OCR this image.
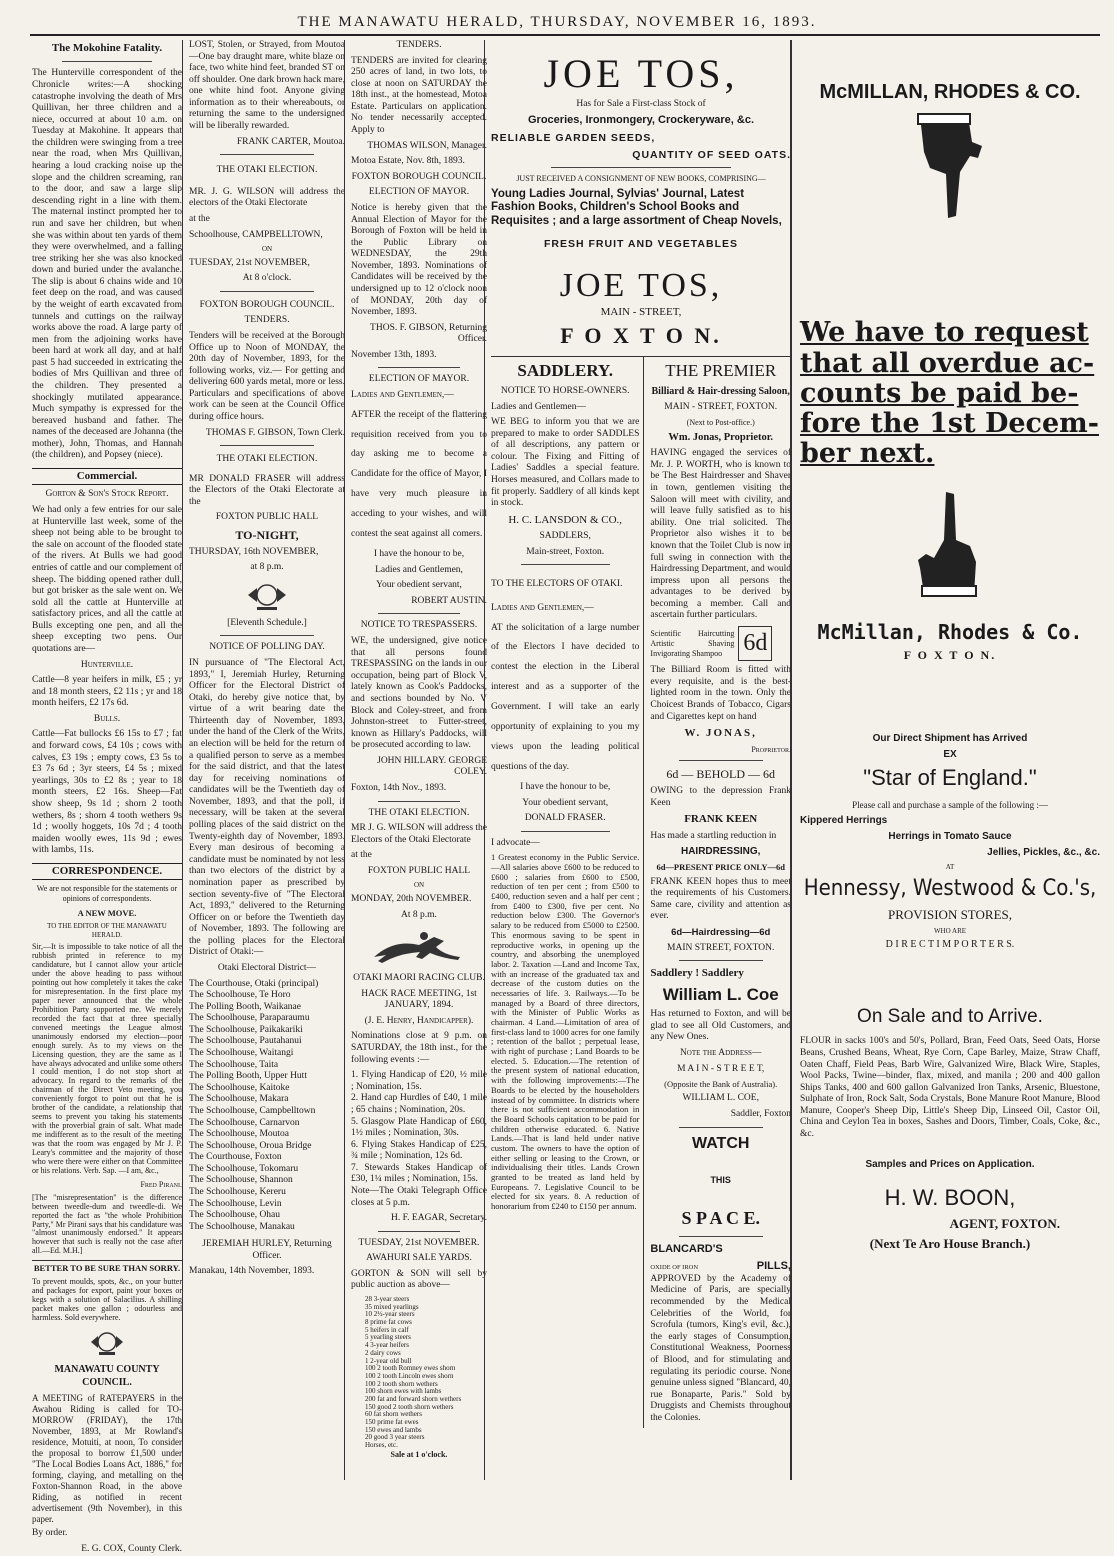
THE MANAWATU HERALD, THURSDAY, NOVEMBER 16, 1893.
The Mokohine Fatality.

The Hunterville correspondent of the Chronicle writes:—A shocking catastrophe involving the death of Mrs Quillivan, her three children and a niece, occurred at about 10 a.m. on Tuesday at Makohine. It appears that the children were swinging from a tree near the road, when Mrs Quillivan, hearing a loud cracking noise up the slope and the children screaming, ran to the door, and saw a large slip descending right in a line with them. The maternal instinct prompted her to run and save her children, but when she was within about ten yards of them they were overwhelmed, and a falling tree striking her she was also knocked down and buried under the avalanche. The slip is about 6 chains wide and 10 feet deep on the road, and was caused by the weight of earth excavated from tunnels and cuttings on the railway works above the road. A large party of men from the adjoining works have been hard at work all day, and at half past 5 had succeeded in extricating the bodies of Mrs Quillivan and three of the children. They presented a shockingly mutilated appearance. Much sympathy is expressed for the bereaved husband and father. The names of the deceased are Johanna (the mother), John, Thomas, and Hannah (the children), and Popsey (niece).

Commercial.

Gorton & Son's Stock Report.

We had only a few entries for our sale at Hunterville last week, some of the sheep not being able to be brought to the sale on account of the flooded state of the rivers. At Bulls we had good entries of cattle and our complement of sheep. The bidding opened rather dull, but got brisker as the sale went on. We sold all the cattle at Hunterville at satisfactory prices, and all the cattle at Bulls excepting one pen, and all the sheep excepting two pens. Our quotations are—

Hunterville.

Cattle—8 year heifers in milk, £5 ; yr and 18 month steers, £2 11s ; yr and 18 month heifers, £2 17s 6d.

Bulls.

Cattle—Fat bullocks £6 15s to £7 ; fat and forward cows, £4 10s ; cows with calves, £3 19s ; empty cows, £3 5s to £3 7s 6d ; 3yr steers, £4 5s ; mixed yearlings, 30s to £2 8s ; year to 18 month steers, £2 16s. Sheep—Fat show sheep, 9s 1d ; shorn 2 tooth wethers, 8s ; shorn 4 tooth wethers 9s 1d ; woolly hoggets, 10s 7d ; 4 tooth maiden woolly ewes, 11s 9d ; ewes with lambs, 11s.

CORRESPONDENCE.

We are not responsible for the statements or opinions of correspondents.

A NEW MOVE.

TO THE EDITOR OF THE MANAWATU HERALD.

Sir,—It is impossible to take notice of all the rubbish printed in reference to my candidature, but I cannot allow your article under the above heading to pass without pointing out how completely it takes the cake for misrepresentation. In the first place my paper never announced that the whole Prohibition Party supported me. We merely recorded the fact that at three specially convened meetings the League almost unanimously endorsed my election—poor enough surely. As to my views on the Licensing question, they are the same as I have always advocated and unlike some others I could mention, I do not stop short at advocacy. In regard to the remarks of the chairman of the Direct Veto meeting, you conveniently forgot to point out that he is brother of the candidate, a relationship that seems to prevent you taking his statements with the proverbial grain of salt. What made me indifferent as to the result of the meeting was that the room was engaged by Mr J. P. Leary's committee and the majority of those who were there were either on that Committee or his relations. Verb. Sap. —I am, &c.,

Fred Pirani.

[The "misrepresentation" is the difference between tweedle-dum and tweedle-di. We reported the fact as "the whole Prohibition Party," Mr Pirani says that his candidature was "almost unanimously endorsed." It appears however that such is really not the case after all.—Ed. M.H.]

BETTER TO BE SURE THAN SORRY.

To prevent moulds, spots, &c., on your butter and packages for export, paint your boxes or kegs with a solution of Salacilius. A shilling packet makes one gallon ; odourless and harmless. Sold everywhere.

MANAWATU COUNTY COUNCIL.

A MEETING of RATEPAYERS in the Awahou Riding is called for TO-MORROW (FRIDAY), the 17th November, 1893, at Mr Rowland's residence, Motuiti, at noon, To consider the proposal to borrow £1,500 under "The Local Bodies Loans Act, 1886," for forming, claying, and metalling on the Foxton-Shannon Road, in the above Riding, as notified in recent advertisement (9th November), in this paper.

By order.

E. G. COX, County Clerk.

LOST, Stolen, or Strayed, from Moutoa—One bay draught mare, white blaze on face, two white hind feet, branded ST on off shoulder. One dark brown hack mare, one white hind foot. Anyone giving information as to their whereabouts, or returning the same to the undersigned will be liberally rewarded.

FRANK CARTER, Moutoa.

THE OTAKI ELECTION.

MR. J. G. WILSON will address the electors of the Otaki Electorate

at the

Schoolhouse, CAMPBELLTOWN,

ON

TUESDAY, 21st NOVEMBER,

At 8 o'clock.

FOXTON BOROUGH COUNCIL.

TENDERS.

Tenders will be received at the Borough Office up to Noon of MONDAY, the 20th day of November, 1893, for the following works, viz.— For getting and delivering 600 yards metal, more or less. Particulars and specifications of above work can be seen at the Council Office during office hours.

THOMAS F. GIBSON, Town Clerk.

THE OTAKI ELECTION.

MR DONALD FRASER will address the Electors of the Otaki Electorate at the

FOXTON PUBLIC HALL

TO-NIGHT,

THURSDAY, 16th NOVEMBER,

at 8 p.m.

[Eleventh Schedule.]

NOTICE OF POLLING DAY.

IN pursuance of "The Electoral Act, 1893," I, Jeremiah Hurley, Returning Officer for the Electoral District of Otaki, do hereby give notice that, by virtue of a writ bearing date the Thirteenth day of November, 1893, under the hand of the Clerk of the Writs, an election will be held for the return of a qualified person to serve as a member for the said district, and that the latest day for receiving nominations of candidates will be the Twentieth day of November, 1893, and that the poll, if necessary, will be taken at the several polling places of the said district on the Twenty-eighth day of November, 1893. Every man desirous of becoming a candidate must be nominated by not less than two electors of the district by a nomination paper as prescribed by section seventy-five of "The Electoral Act, 1893," delivered to the Returning Officer on or before the Twentieth day of November, 1893. The following are the polling places for the Electoral District of Otaki:—

Otaki Electoral District—

The Courthouse, Otaki (principal)
The Schoolhouse, Te Horo
The Polling Booth, Waikanae
The Schoolhouse, Paraparaumu
The Schoolhouse, Paikakariki
The Schoolhouse, Pautahanui
The Schoolhouse, Waitangi
The Schoolhouse, Taita
The Polling Booth, Upper Hutt
The Schoolhouse, Kaitoke
The Schoolhouse, Makara
The Schoolhouse, Campbelltown
The Schoolhouse, Carnarvon
The Schoolhouse, Moutoa
The Schoolhouse, Oroua Bridge
The Courthouse, Foxton
The Schoolhouse, Tokomaru
The Schoolhouse, Shannon
The Schoolhouse, Kereru
The Schoolhouse, Levin
The Schoolhouse, Ohau
The Schoolhouse, Manakau

JEREMIAH HURLEY, Returning Officer.

Manakau, 14th November, 1893.

TENDERS.

TENDERS are invited for clearing 250 acres of land, in two lots, to close at noon on SATURDAY the 18th inst., at the homestead, Motoa Estate. Particulars on application. No tender necessarily accepted. Apply to

THOMAS WILSON, Manager.

Motoa Estate, Nov. 8th, 1893.

FOXTON BOROUGH COUNCIL.

ELECTION OF MAYOR.

Notice is hereby given that the Annual Election of Mayor for the Borough of Foxton will be held in the Public Library on WEDNESDAY, the 29th November, 1893. Nominations of Candidates will be received by the undersigned up to 12 o'clock noon of MONDAY, 20th day of November, 1893.

THOS. F. GIBSON, Returning Officer.

November 13th, 1893.

ELECTION OF MAYOR.

Ladies and Gentlemen,—

AFTER the receipt of the flattering requisition received from you to day asking me to become a Candidate for the office of Mayor, I have very much pleasure in acceding to your wishes, and will contest the seat against all comers.

I have the honour to be,

Ladies and Gentlemen,

Your obedient servant,

ROBERT AUSTIN.

NOTICE TO TRESPASSERS.

WE, the undersigned, give notice that all persons found TRESPASSING on the lands in our occupation, being part of Block V, lately known as Cook's Paddocks, and sections bounded by No. V Block and Coley-street, and from Johnston-street to Futter-street, known as Hillary's Paddocks, will be prosecuted according to law.

JOHN HILLARY. GEORGE COLEY.

Foxton, 14th Nov., 1893.

THE OTAKI ELECTION.

MR J. G. WILSON will address the Electors of the Otaki Electorate

at the

FOXTON PUBLIC HALL

ON

MONDAY, 20th NOVEMBER.

At 8 p.m.

OTAKI MAORI RACING CLUB.

HACK RACE MEETING, 1st JANUARY, 1894.

(J. E. Henry, Handicapper).

Nominations close at 9 p.m. on SATURDAY, the 18th inst., for the following events :—

1. Flying Handicap of £20, ½ mile ; Nomination, 15s.
2. Hand cap Hurdles of £40, 1 mile ; 65 chains ; Nomination, 20s.
5. Glasgow Plate Handicap of £60, 1½ miles ; Nomination, 30s.
6. Flying Stakes Handicap of £25, ¾ mile ; Nomination, 12s 6d.
7. Stewards Stakes Handicap of £30, 1¼ miles ; Nomination, 15s.

Note—The Otaki Telegraph Office closes at 5 p.m.

H. F. EAGAR, Secretary.

TUESDAY, 21st NOVEMBER.

AWAHURI SALE YARDS.

GORTON & SON will sell by public auction as above—

28 3-year steers
35 mixed yearlings
10 2½-year steers
8 prime fat cows
5 heifers in calf
5 yearling steers
4 3-year heifers
2 dairy cows
1 2-year old bull
100 2 tooth Romney ewes shorn
100 2 tooth Lincoln ewes shorn
100 2 tooth shorn wethers
100 shorn ewes with lambs
200 fat and forward shorn wethers
150 good 2 tooth shorn wethers
60 fat shorn wethers
150 prime fat ewes
150 ewes and lambs
20 good 3 year steers
Horses, etc.

Sale at 1 o'clock.

JOE TOS,

Has for Sale a First-class Stock of

Groceries, Ironmongery, Crockeryware, &c.

RELIABLE GARDEN SEEDS,

QUANTITY OF SEED OATS.

JUST RECEIVED A CONSIGNMENT OF NEW BOOKS, COMPRISING—

Young Ladies Journal, Sylvias' Journal, Latest Fashion Books, Children's School Books and Requisites ; and a large assortment of Cheap Novels,

FRESH FRUIT AND VEGETABLES

JOE TOS,

MAIN - STREET,

F O X T O N.

SADDLERY.

NOTICE TO HORSE-OWNERS.

Ladies and Gentlemen—

WE BEG to inform you that we are prepared to make to order SADDLES of all descriptions, any pattern or colour. The Fixing and Fitting of Ladies' Saddles a special feature. Horses measured, and Collars made to fit properly. Saddlery of all kinds kept in stock.

H. C. LANSDON & CO.,

SADDLERS,

Main-street, Foxton.

TO THE ELECTORS OF OTAKI.

Ladies and Gentlemen,—

AT the solicitation of a large number of the Electors I have decided to contest the election in the Liberal interest and as a supporter of the Government. I will take an early opportunity of explaining to you my views upon the leading political questions of the day.

I have the honour to be,

Your obedient servant,

DONALD FRASER.

I advocate—

1 Greatest economy in the Public Service.—All salaries above £600 to be reduced to £600 ; salaries from £600 to £500, reduction of ten per cent ; from £500 to £400, reduction seven and a half per cent ; from £400 to £300, five per cent. No reduction below £300. The Governor's salary to be reduced from £5000 to £2500. This enormous saving to be spent in reproductive works, in opening up the country, and absorbing the unemployed labor. 2. Taxation —Land and Income Tax, with an increase of the graduated tax and decrease of the custom duties on the necessaries of life. 3. Railways.—To be managed by a Board of three directors, with the Minister of Public Works as chairman. 4 Land.—Limitation of area of first-class land to 1000 acres for one family ; retention of the ballot ; perpetual lease, with right of purchase ; Land Boards to be elected. 5. Education.—The retention of the present system of national education, with the following improvements:—The Boards to be elected by the householders instead of by committee. In districts where there is not sufficient accommodation in the Board Schools capitation to be paid for children otherwise educated. 6. Native Lands.—That is land held under native custom. The owners to have the option of either selling or leasing to the Crown, or individualising their titles. Lands Crown granted to be treated as land held by Europeans. 7. Legislative Council to be elected for six years. 8. A reduction of honorarium from £240 to £150 per annum.

THE PREMIER

Billiard & Hair-dressing Saloon,

MAIN - STREET, FOXTON.

(Next to Post-office.)

Wm. Jonas, Proprietor.

HAVING engaged the services of Mr. J. P. WORTH, who is known to be The Best Hairdresser and Shaver in town, gentlemen visiting the Saloon will meet with civility, and will leave fully satisfied as to his ability. One trial solicited. The Proprietor also wishes it to be known that the Toilet Club is now in full swing in connection with the Hairdressing Department, and would impress upon all persons the advantages to be derived by becoming a member. Call and ascertain further particulars.

Scientific Haircutting Artistic Shaving Invigorating Shampoo 6d

The Billiard Room is fitted with every requisite, and is the best-lighted room in the town. Only the Choicest Brands of Tobacco, Cigars and Cigarettes kept on hand

W. JONAS,

Proprietor.

6d — BEHOLD — 6d

OWING to the depression Frank Keen

FRANK KEEN

Has made a startling reduction in

HAIRDRESSING,

6d—PRESENT PRICE ONLY—6d

FRANK KEEN hopes thus to meet the requirements of his Customers. Same care, civility and attention as ever.

6d—Hairdressing—6d

MAIN STREET, FOXTON.

Saddlery ! Saddlery

William L. Coe

Has returned to Foxton, and will be glad to see all Old Customers, and any New Ones.

Note the Address—

M A I N - S T R E E T,

(Opposite the Bank of Australia).

WILLIAM L. COE,

Saddler, Foxton

WATCH

THIS

S P A C E.

BLANCARD'S

OXIDE OF IRON	PILLS,

APPROVED by the Academy of Medicine of Paris, are specially recommended by the Medical Celebrities of the World, for Scrofula (tumors, King's evil, &c.), the early stages of Consumption, Constitutional Weakness, Poorness of Blood, and for stimulating and regulating its periodic course. None genuine unless signed "Blancard, 40, rue Bonaparte, Paris." Sold by Druggists and Chemists throughout the Colonies.

McMILLAN, RHODES & CO.
We have to request
that all overdue ac-
counts be paid be-
fore the 1st Decem-
ber next.

McMillan, Rhodes & Co.

F O X T O N.

Our Direct Shipment has Arrived

EX

"Star of England."

Please call and purchase a sample of the following :—

Kippered Herrings

Herrings in Tomato Sauce

Jellies, Pickles, &c., &c.

AT

Hennessy, Westwood & Co.'s,

PROVISION STORES,

WHO ARE

D I R E C T I M P O R T E R S.

On Sale and to Arrive.

FLOUR in sacks 100's and 50's, Pollard, Bran, Feed Oats, Seed Oats, Horse Beans, Crushed Beans, Wheat, Rye Corn, Cape Barley, Maize, Straw Chaff, Oaten Chaff, Field Peas, Barb Wire, Galvanized Wire, Black Wire, Staples, Wool Packs, Twine—binder, flax, mixed, and manila ; 200 and 400 gallon Ships Tanks, 400 and 600 gallon Galvanized Iron Tanks, Arsenic, Bluestone, Sulphate of Iron, Rock Salt, Soda Crystals, Bone Manure Root Manure, Blood Manure, Cooper's Sheep Dip, Little's Sheep Dip, Linseed Oil, Castor Oil, China and Ceylon Tea in boxes, Sashes and Doors, Timber, Coals, Coke, &c., &c.

Samples and Prices on Application.

H. W. BOON,

AGENT, FOXTON.

(Next Te Aro House Branch.)
